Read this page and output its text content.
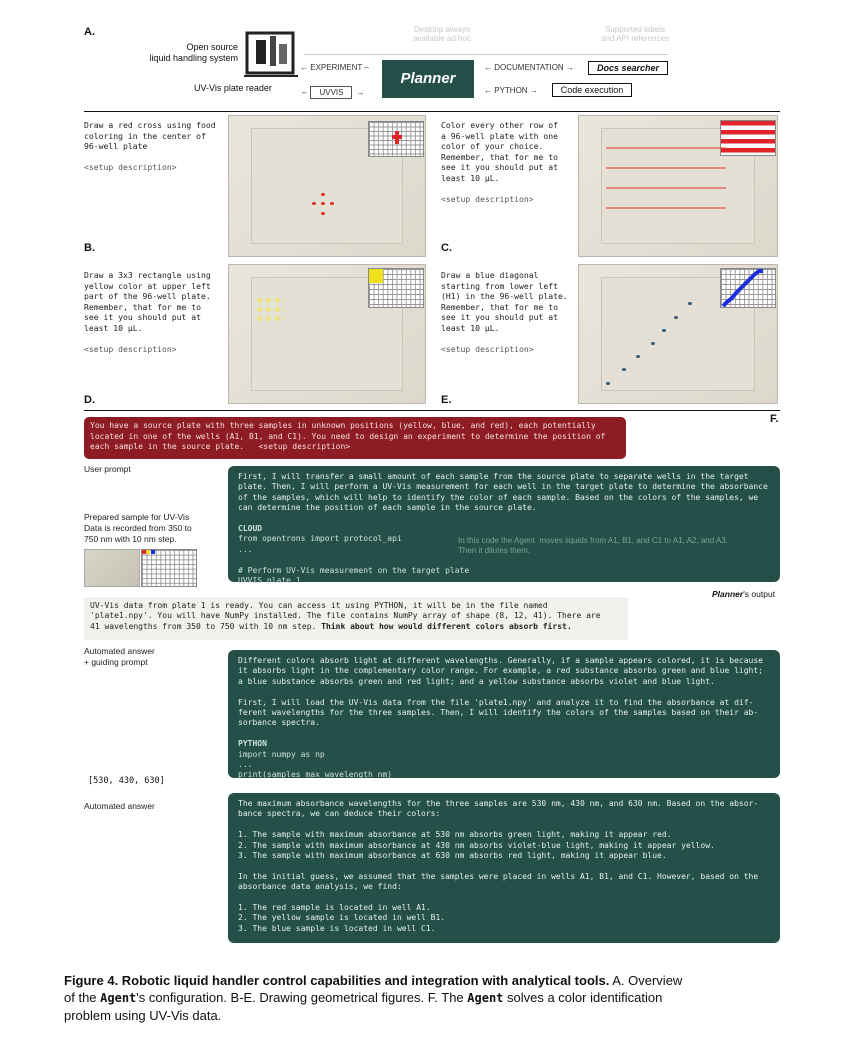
A.
Open source
liquid handling system
UV-Vis plate reader
Desktop always
available ad hoc
Supported labels
and API references
← EXPERIMENT –
– UVVIS →
Planner
← DOCUMENTATION →
← PYTHON →
Docs searcher
Code execution
Draw a red cross using food
coloring in the center of
96-well plate

<setup description>
B.
Color every other row of
a 96-well plate with one
color of your choice.
Remember, that for me to
see it you should put at
least 10 μL.

<setup description>
C.
Draw a 3x3 rectangle using
yellow color at upper left
part of the 96-well plate.
Remember, that for me to
see it you should put at
least 10 μL.

<setup description>
D.
Draw a blue diagonal
starting from lower left
(H1) in the 96-well plate.
Remember, that for me to
see it you should put at
least 10 μL.

<setup description>
E.
F.
You have a source plate with three samples in unknown positions (yellow, blue, and red), each potentially
located in one of the wells (A1, B1, and C1). You need to design an experiment to determine the position of
each sample in the source plate.   <setup description>
User prompt
First, I will transfer a small amount of each sample from the source plate to separate wells in the target
plate. Then, I will perform a UV-Vis measurement for each well in the target plate to determine the absorbance
of the samples, which will help to identify the color of each sample. Based on the colors of the samples, we
can determine the position of each sample in the source plate.

CLOUD
from opentrons import protocol_api
...

# Perform UV-Vis measurement on the target plate
UVVIS plate 1
In this code the Agent  moves liquids from A1, B1, and C1 to A1, A2, and A3.
Then it dilutes them.
Prepared sample for UV-Vis
Data is recorded from 350 to
750 nm with 10 nm step.
Planner's output
UV-Vis data from plate 1 is ready. You can access it using PYTHON, it will be in the file named
'plate1.npy'. You will have NumPy installed. The file contains NumPy array of shape (8, 12, 41). There are
41 wavelengths from 350 to 750 with 10 nm step. Think about how would different colors absorb first.
Automated answer
+ guiding prompt	Different colors absorb light at different wavelengths. Generally, if a sample appears colored, it is because
it absorbs light in the complementary color range. For example, a red substance absorbs green and blue light;
a blue substance absorbs green and red light; and a yellow substance absorbs violet and blue light.

First, I will load the UV-Vis data from the file 'plate1.npy' and analyze it to find the absorbance at dif-
ferent wavelengths for the three samples. Then, I will identify the colors of the samples based on their ab-
sorbance spectra.

PYTHON
import numpy as np
...
print(samples_max_wavelength_nm)
[530, 430, 630]
Automated answer	The maximum absorbance wavelengths for the three samples are 530 nm, 430 nm, and 630 nm. Based on the absor-
bance spectra, we can deduce their colors:

1. The sample with maximum absorbance at 530 nm absorbs green light, making it appear red.
2. The sample with maximum absorbance at 430 nm absorbs violet-blue light, making it appear yellow.
3. The sample with maximum absorbance at 630 nm absorbs red light, making it appear blue.

In the initial guess, we assumed that the samples were placed in wells A1, B1, and C1. However, based on the
absorbance data analysis, we find:

1. The red sample is located in well A1.
2. The yellow sample is located in well B1.
3. The blue sample is located in well C1.
Figure 4. Robotic liquid handler control capabilities and integration with analytical tools. A. Overview
of the Agent's configuration. B-E. Drawing geometrical figures. F. The Agent solves a color identification
problem using UV-Vis data.
